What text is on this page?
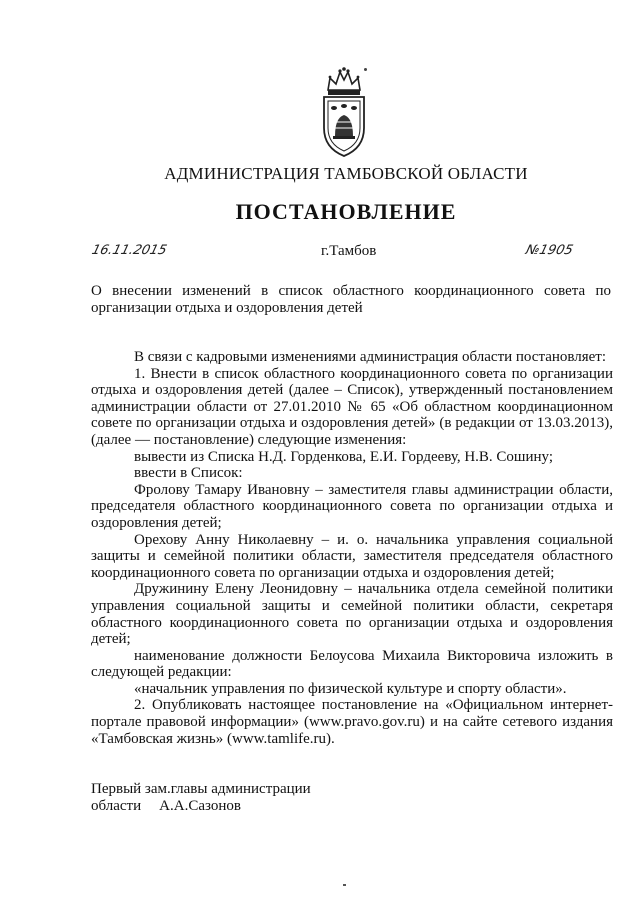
АДМИНИСТРАЦИЯ ТАМБОВСКОЙ ОБЛАСТИ
ПОСТАНОВЛЕНИЕ
16.11.2015	г.Тамбов	№1905
О внесении изменений в список областного координационного совета по организации отдыха и оздоровления детей

В связи с кадровыми изменениями администрация области постановляет:

1. Внести в список областного координационного совета по организации отдыха и оздоровления детей (далее – Список), утвержденный постановлением администрации области от 27.01.2010 № 65 «Об областном координационном совете по организации отдыха и оздоровления детей» (в редакции от 13.03.2013), (далее — постановление) следующие изменения:

вывести из Списка Н.Д. Горденкова, Е.И. Гордееву, Н.В. Сошину;

ввести в Список:

Фролову Тамару Ивановну – заместителя главы администрации области, председателя областного координационного совета по организации отдыха и оздоровления детей;

Орехову Анну Николаевну – и. о. начальника управления социальной защиты и семейной политики области, заместителя председателя областного координационного совета по организации отдыха и оздоровления детей;

Дружинину Елену Леонидовну – начальника отдела семейной политики управления социальной защиты и семейной политики области, секретаря областного координационного совета по организации отдыха и оздоровления детей;

наименование должности Белоусова Михаила Викторовича изложить в следующей редакции:

«начальник управления по физической культуре и спорту области».

2. Опубликовать настоящее постановление на «Официальном интернет-портале правовой информации» (www.pravo.gov.ru) и на сайте сетевого издания «Тамбовская жизнь» (www.tamlife.ru).

Первый зам.главы администрации
области А.А.Сазонов
